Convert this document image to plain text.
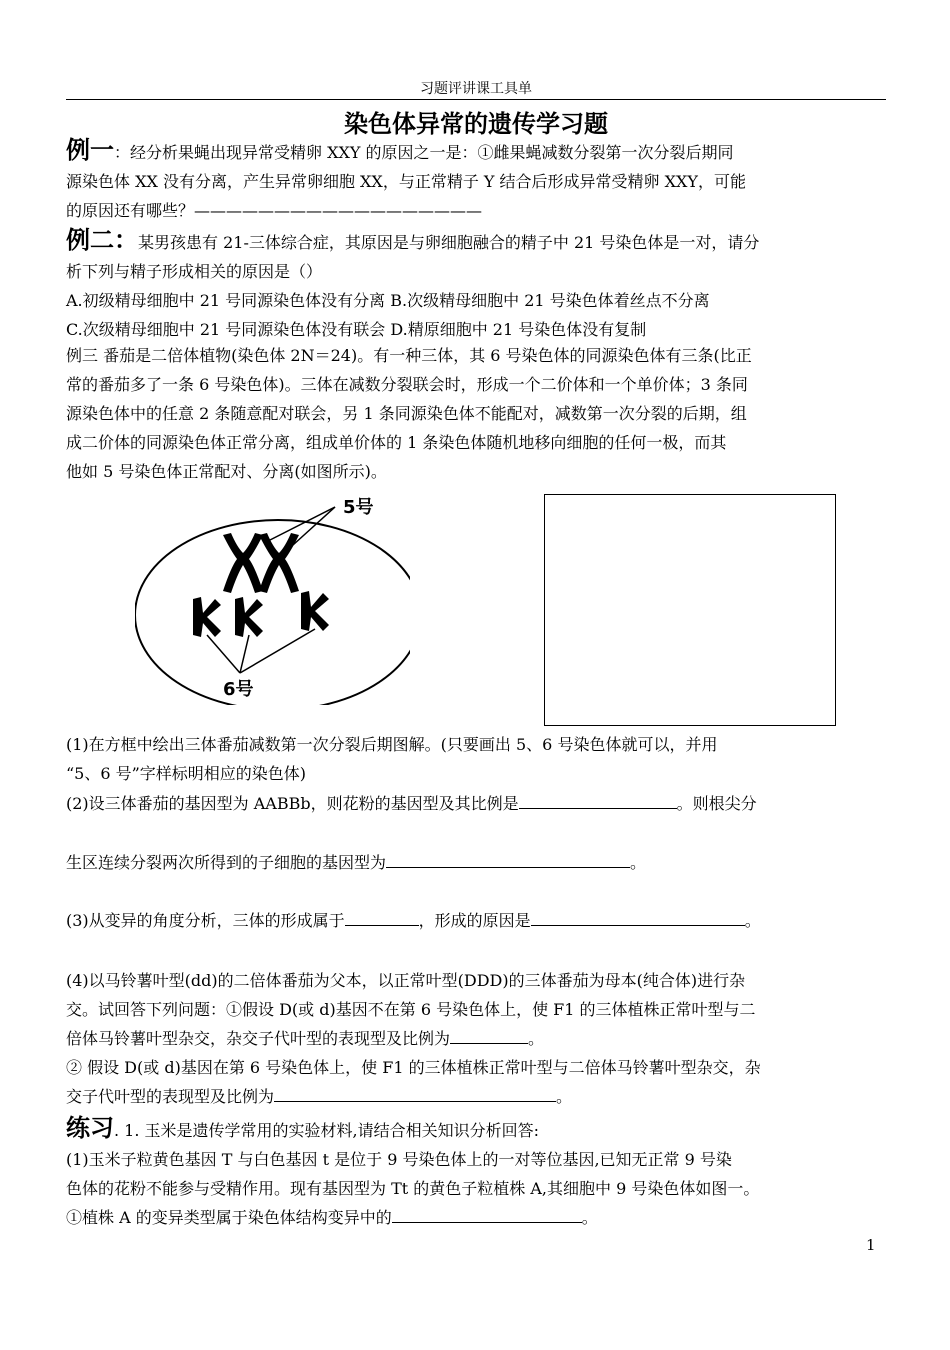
习题评讲课工具单
染色体异常的遗传学习题
例一：经分析果蝇出现异常受精卵 XXY 的原因之一是：①雌果蝇减数分裂第一次分裂后期同
源染色体 XX 没有分离，产生异常卵细胞 XX，与正常精子 Y 结合后形成异常受精卵 XXY，可能
的原因还有哪些？——————————————————
例二：某男孩患有 21-三体综合症，其原因是与卵细胞融合的精子中 21 号染色体是一对，请分
析下列与精子形成相关的原因是（）
A.初级精母细胞中 21 号同源染色体没有分离 B.次级精母细胞中 21 号染色体着丝点不分离
C.次级精母细胞中 21 号同源染色体没有联会 D.精原细胞中 21 号染色体没有复制
例三 番茄是二倍体植物(染色体 2N＝24)。有一种三体，其 6 号染色体的同源染色体有三条(比正
常的番茄多了一条 6 号染色体)。三体在减数分裂联会时，形成一个二价体和一个单价体；3 条同
源染色体中的任意 2 条随意配对联会，另 1 条同源染色体不能配对，减数第一次分裂的后期，组
成二价体的同源染色体正常分离，组成单价体的 1 条染色体随机地移向细胞的任何一极，而其
他如 5 号染色体正常配对、分离(如图所示)。
5号
6号
(1)在方框中绘出三体番茄减数第一次分裂后期图解。(只要画出 5、6 号染色体就可以，并用
“5、6 号”字样标明相应的染色体)
(2)设三体番茄的基因型为 AABBb，则花粉的基因型及其比例是	。则根尖分
生区连续分裂两次所得到的子细胞的基因型为	。
(3)从变异的角度分析，三体的形成属于	，形成的原因是	。
(4)以马铃薯叶型(dd)的二倍体番茄为父本，以正常叶型(DDD)的三体番茄为母本(纯合体)进行杂
交。试回答下列问题：①假设 D(或 d)基因不在第 6 号染色体上，使 F1 的三体植株正常叶型与二
倍体马铃薯叶型杂交，杂交子代叶型的表现型及比例为	。
② 假设 D(或 d)基因在第 6 号染色体上，使 F1 的三体植株正常叶型与二倍体马铃薯叶型杂交，杂
交子代叶型的表现型及比例为	。
练习. 1. 玉米是遗传学常用的实验材料,请结合相关知识分析回答:
(1)玉米子粒黄色基因 T 与白色基因 t 是位于 9 号染色体上的一对等位基因,已知无正常 9 号染
色体的花粉不能参与受精作用。现有基因型为 Tt 的黄色子粒植株 A,其细胞中 9 号染色体如图一。
①植株 A 的变异类型属于染色体结构变异中的	。
1
